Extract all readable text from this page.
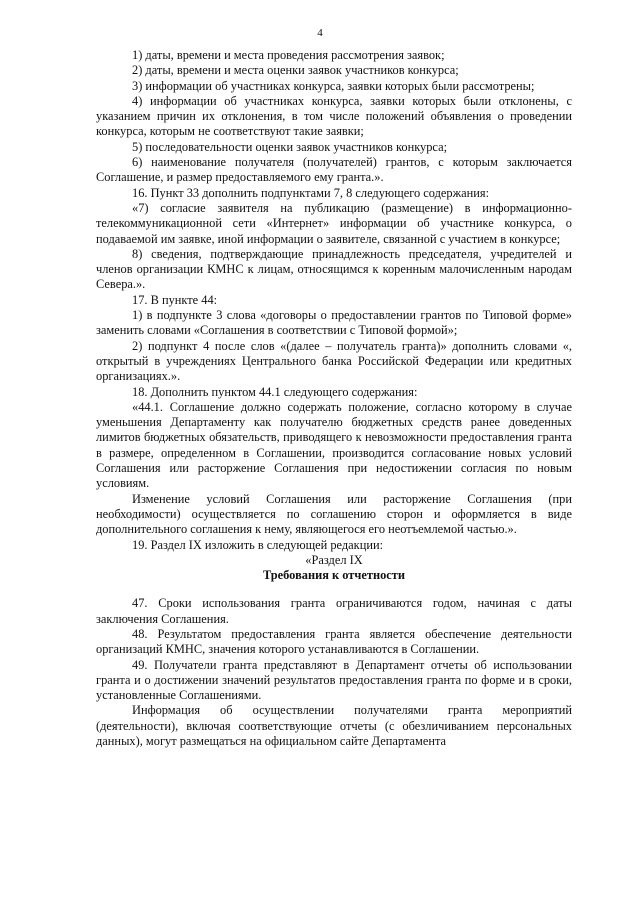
4

1) даты, времени и места проведения рассмотрения заявок;

2) даты, времени и места оценки заявок участников конкурса;

3) информации об участниках конкурса, заявки которых были рассмотрены;

4) информации об участниках конкурса, заявки которых были отклонены, с указанием причин их отклонения, в том числе положений объявления о проведении конкурса, которым не соответствуют такие заявки;

5) последовательности оценки заявок участников конкурса;

6) наименование получателя (получателей) грантов, с которым заключается Соглашение, и размер предоставляемого ему гранта.».

16. Пункт 33 дополнить подпунктами 7, 8 следующего содержания:

«7) согласие заявителя на публикацию (размещение) в информационно-телекоммуникационной сети «Интернет» информации об участнике конкурса, о подаваемой им заявке, иной информации о заявителе, связанной с участием в конкурсе;

8) сведения, подтверждающие принадлежность председателя, учредителей и членов организации КМНС к лицам, относящимся к коренным малочисленным народам Севера.».

17. В пункте 44:

1) в подпункте 3 слова «договоры о предоставлении грантов по Типовой форме» заменить словами «Соглашения в соответствии с Типовой формой»;

2) подпункт 4 после слов «(далее – получатель гранта)» дополнить словами «, открытый в учреждениях Центрального банка Российской Федерации или кредитных организациях.».

18. Дополнить пунктом 44.1 следующего содержания:

«44.1. Соглашение должно содержать положение, согласно которому в случае уменьшения Департаменту как получателю бюджетных средств ранее доведенных лимитов бюджетных обязательств, приводящего к невозможности предоставления гранта в размере, определенном в Соглашении, производится согласование новых условий Соглашения или расторжение Соглашения при недостижении согласия по новым условиям.

Изменение условий Соглашения или расторжение Соглашения (при необходимости) осуществляется по соглашению сторон и оформляется в виде дополнительного соглашения к нему, являющегося его неотъемлемой частью.».

19. Раздел IX изложить в следующей редакции:

«Раздел IX

Требования к отчетности

47. Сроки использования гранта ограничиваются годом, начиная с даты заключения Соглашения.

48. Результатом предоставления гранта является обеспечение деятельности организаций КМНС, значения которого устанавливаются в Соглашении.

49. Получатели гранта представляют в Департамент отчеты об использовании гранта и о достижении значений результатов предоставления гранта по форме и в сроки, установленные Соглашениями.

Информация об осуществлении получателями гранта мероприятий (деятельности), включая соответствующие отчеты (с обезличиванием персональных данных), могут размещаться на официальном сайте Департамента
